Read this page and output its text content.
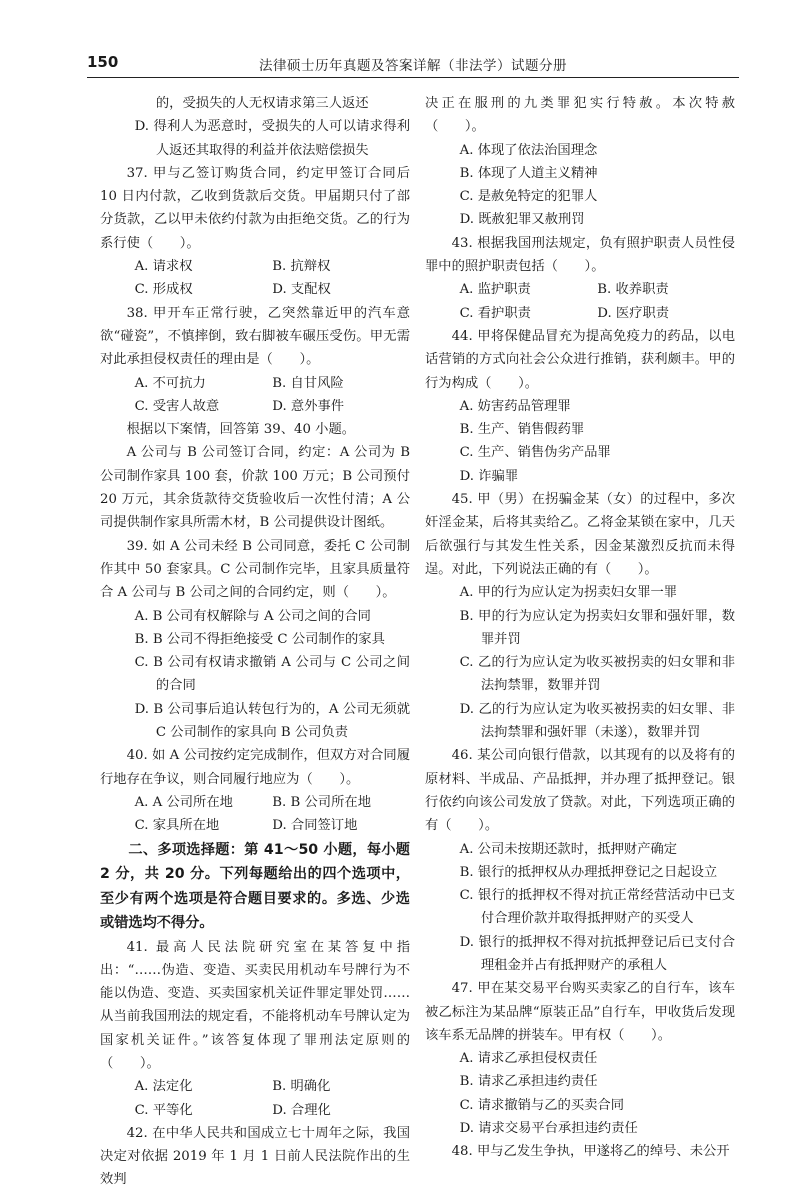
150	法律硕士历年真题及答案详解（非法学）试题分册

的，受损失的人无权请求第三人返还

D. 得利人为恶意时，受损失的人可以请求得利人返还其取得的利益并依法赔偿损失

37. 甲与乙签订购货合同，约定甲签订合同后 10 日内付款，乙收到货款后交货。甲届期只付了部分货款，乙以甲未依约付款为由拒绝交货。乙的行为系行使（　　）。

A. 请求权	B. 抗辩权
C. 形成权	D. 支配权

38. 甲开车正常行驶，乙突然靠近甲的汽车意欲“碰瓷”，不慎摔倒，致右脚被车碾压受伤。甲无需对此承担侵权责任的理由是（　　）。

A. 不可抗力	B. 自甘风险
C. 受害人故意	D. 意外事件

根据以下案情，回答第 39、40 小题。

A 公司与 B 公司签订合同，约定：A 公司为 B 公司制作家具 100 套，价款 100 万元；B 公司预付 20 万元，其余货款待交货验收后一次性付清；A 公司提供制作家具所需木材，B 公司提供设计图纸。

39. 如 A 公司未经 B 公司同意，委托 C 公司制作其中 50 套家具。C 公司制作完毕，且家具质量符合 A 公司与 B 公司之间的合同约定，则（　　）。

A. B 公司有权解除与 A 公司之间的合同

B. B 公司不得拒绝接受 C 公司制作的家具

C. B 公司有权请求撤销 A 公司与 C 公司之间的合同

D. B 公司事后追认转包行为的，A 公司无须就 C 公司制作的家具向 B 公司负责

40. 如 A 公司按约定完成制作，但双方对合同履行地存在争议，则合同履行地应为（　　）。

A. A 公司所在地	B. B 公司所在地
C. 家具所在地	D. 合同签订地

二、多项选择题：第 41～50 小题，每小题 2 分，共 20 分。下列每题给出的四个选项中，至少有两个选项是符合题目要求的。多选、少选或错选均不得分。

41. 最高人民法院研究室在某答复中指出：“……伪造、变造、买卖民用机动车号牌行为不能以伪造、变造、买卖国家机关证件罪定罪处罚……从当前我国刑法的规定看，不能将机动车号牌认定为国家机关证件。”该答复体现了罪刑法定原则的（　　）。

A. 法定化	B. 明确化
C. 平等化	D. 合理化

42. 在中华人民共和国成立七十周年之际，我国决定对依据 2019 年 1 月 1 日前人民法院作出的生效判

决正在服刑的九类罪犯实行特赦。本次特赦（　　）。

A. 体现了依法治国理念

B. 体现了人道主义精神

C. 是赦免特定的犯罪人

D. 既赦犯罪又赦刑罚

43. 根据我国刑法规定，负有照护职责人员性侵罪中的照护职责包括（　　）。

A. 监护职责	B. 收养职责
C. 看护职责	D. 医疗职责

44. 甲将保健品冒充为提高免疫力的药品，以电话营销的方式向社会公众进行推销，获利颇丰。甲的行为构成（　　）。

A. 妨害药品管理罪

B. 生产、销售假药罪

C. 生产、销售伪劣产品罪

D. 诈骗罪

45. 甲（男）在拐骗金某（女）的过程中，多次奸淫金某，后将其卖给乙。乙将金某锁在家中，几天后欲强行与其发生性关系，因金某激烈反抗而未得逞。对此，下列说法正确的有（　　）。

A. 甲的行为应认定为拐卖妇女罪一罪

B. 甲的行为应认定为拐卖妇女罪和强奸罪，数罪并罚

C. 乙的行为应认定为收买被拐卖的妇女罪和非法拘禁罪，数罪并罚

D. 乙的行为应认定为收买被拐卖的妇女罪、非法拘禁罪和强奸罪（未遂），数罪并罚

46. 某公司向银行借款，以其现有的以及将有的原材料、半成品、产品抵押，并办理了抵押登记。银行依约向该公司发放了贷款。对此，下列选项正确的有（　　）。

A. 公司未按期还款时，抵押财产确定

B. 银行的抵押权从办理抵押登记之日起设立

C. 银行的抵押权不得对抗正常经营活动中已支付合理价款并取得抵押财产的买受人

D. 银行的抵押权不得对抗抵押登记后已支付合理租金并占有抵押财产的承租人

47. 甲在某交易平台购买卖家乙的自行车，该车被乙标注为某品牌“原装正品”自行车，甲收货后发现该车系无品牌的拼装车。甲有权（　　）。

A. 请求乙承担侵权责任

B. 请求乙承担违约责任

C. 请求撤销与乙的买卖合同

D. 请求交易平台承担违约责任

48. 甲与乙发生争执，甲遂将乙的绰号、未公开
